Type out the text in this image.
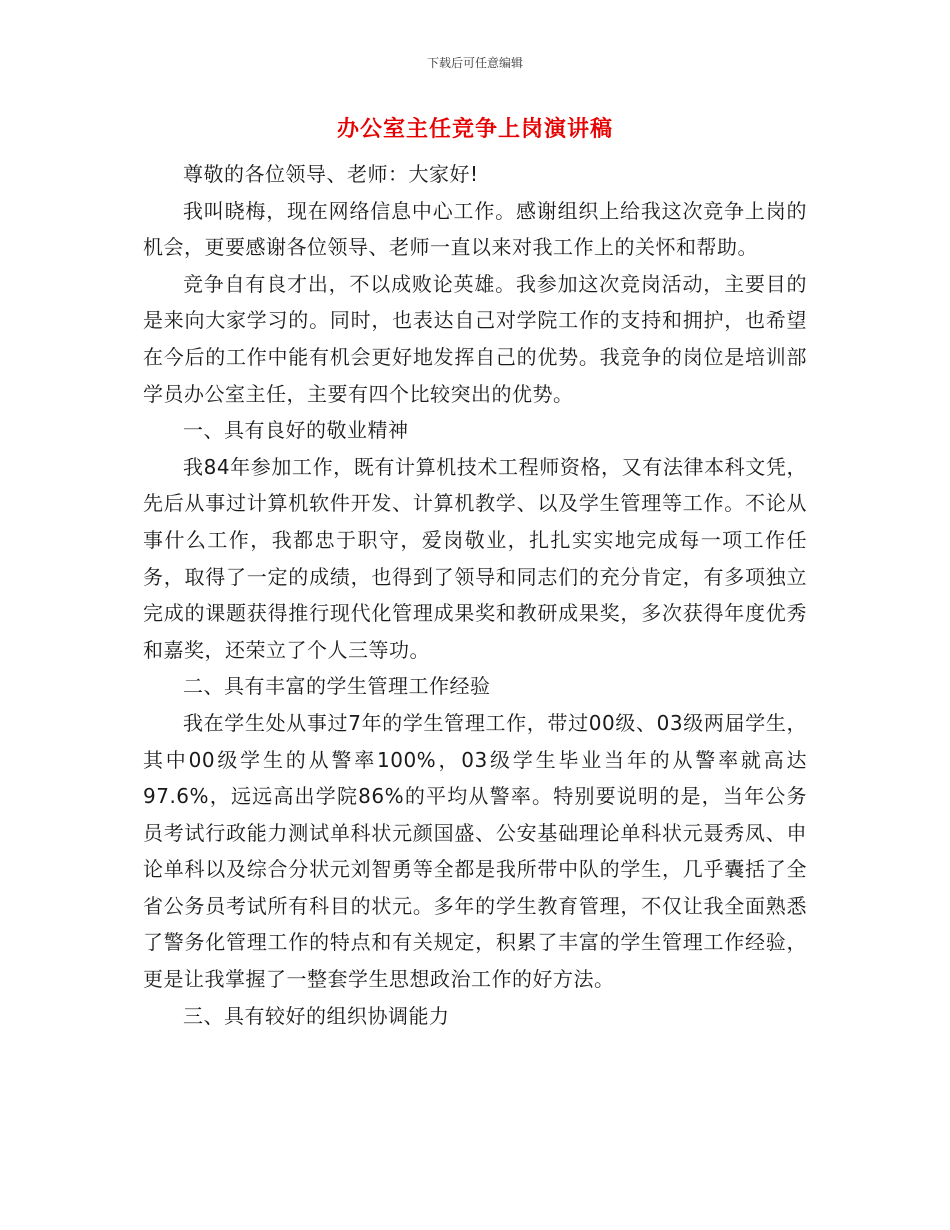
下载后可任意编辑
办公室主任竞争上岗演讲稿

尊敬的各位领导、老师：大家好!

我叫晓梅，现在网络信息中心工作。感谢组织上给我这次竞争上岗的机会，更要感谢各位领导、老师一直以来对我工作上的关怀和帮助。

竞争自有良才出，不以成败论英雄。我参加这次竞岗活动，主要目的是来向大家学习的。同时，也表达自己对学院工作的支持和拥护，也希望在今后的工作中能有机会更好地发挥自己的优势。我竞争的岗位是培训部学员办公室主任，主要有四个比较突出的优势。

一、具有良好的敬业精神

我84年参加工作，既有计算机技术工程师资格，又有法律本科文凭，先后从事过计算机软件开发、计算机教学、以及学生管理等工作。不论从事什么工作，我都忠于职守，爱岗敬业，扎扎实实地完成每一项工作任务，取得了一定的成绩，也得到了领导和同志们的充分肯定，有多项独立完成的课题获得推行现代化管理成果奖和教研成果奖，多次获得年度优秀和嘉奖，还荣立了个人三等功。

二、具有丰富的学生管理工作经验

我在学生处从事过7年的学生管理工作，带过00级、03级两届学生，其中00级学生的从警率100%，03级学生毕业当年的从警率就高达97.6%，远远高出学院86%的平均从警率。特别要说明的是，当年公务员考试行政能力测试单科状元颜国盛、公安基础理论单科状元聂秀凤、申论单科以及综合分状元刘智勇等全都是我所带中队的学生，几乎囊括了全省公务员考试所有科目的状元。多年的学生教育管理，不仅让我全面熟悉了警务化管理工作的特点和有关规定，积累了丰富的学生管理工作经验，更是让我掌握了一整套学生思想政治工作的好方法。

三、具有较好的组织协调能力
